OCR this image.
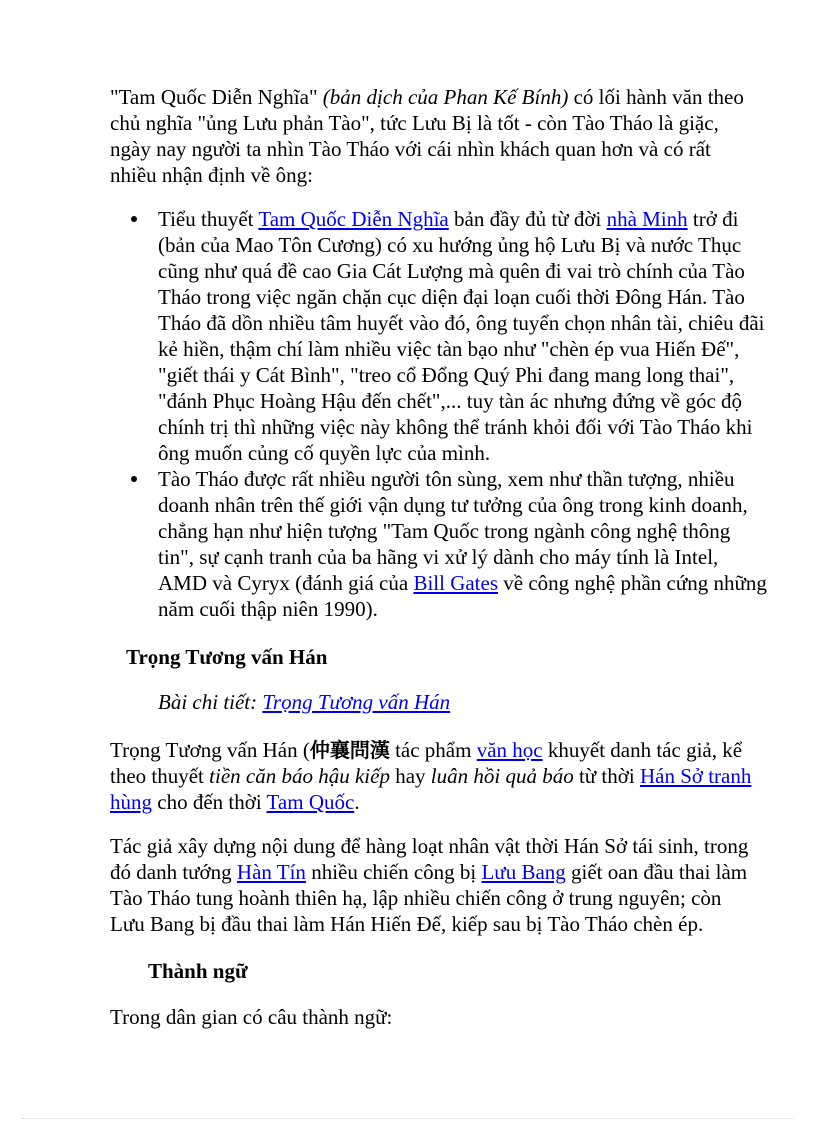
"Tam Quốc Diễn Nghĩa" (bản dịch của Phan Kế Bính) có lối hành văn theo chủ nghĩa "ủng Lưu phản Tào", tức Lưu Bị là tốt - còn Tào Tháo là giặc, ngày nay người ta nhìn Tào Tháo với cái nhìn khách quan hơn và có rất nhiều nhận định về ông:

Tiểu thuyết Tam Quốc Diễn Nghĩa bản đầy đủ từ đời nhà Minh trở đi (bản của Mao Tôn Cương) có xu hướng ủng hộ Lưu Bị và nước Thục cũng như quá đề cao Gia Cát Lượng mà quên đi vai trò chính của Tào Tháo trong việc ngăn chặn cục diện đại loạn cuối thời Đông Hán. Tào Tháo đã dồn nhiều tâm huyết vào đó, ông tuyển chọn nhân tài, chiêu đãi kẻ hiền, thậm chí làm nhiều việc tàn bạo như "chèn ép vua Hiến Đế", "giết thái y Cát Bình", "treo cổ Đổng Quý Phi đang mang long thai", "đánh Phục Hoàng Hậu đến chết",... tuy tàn ác nhưng đứng về góc độ chính trị thì những việc này không thể tránh khỏi đối với Tào Tháo khi ông muốn củng cố quyền lực của mình.
Tào Tháo được rất nhiều người tôn sùng, xem như thần tượng, nhiều doanh nhân trên thế giới vận dụng tư tưởng của ông trong kinh doanh, chẳng hạn như hiện tượng "Tam Quốc trong ngành công nghệ thông tin", sự cạnh tranh của ba hãng vi xử lý dành cho máy tính là Intel, AMD và Cyryx (đánh giá của Bill Gates về công nghệ phần cứng những năm cuối thập niên 1990).
Trọng Tương vấn Hán
Bài chi tiết: Trọng Tương vấn Hán

Trọng Tương vấn Hán (仲襄問漢 tác phẩm văn học khuyết danh tác giả, kể theo thuyết tiền căn báo hậu kiếp hay luân hồi quả báo từ thời Hán Sở tranh hùng cho đến thời Tam Quốc.

Tác giả xây dựng nội dung để hàng loạt nhân vật thời Hán Sở tái sinh, trong đó danh tướng Hàn Tín nhiều chiến công bị Lưu Bang giết oan đầu thai làm Tào Tháo tung hoành thiên hạ, lập nhiều chiến công ở trung nguyên; còn Lưu Bang bị đầu thai làm Hán Hiến Đế, kiếp sau bị Tào Tháo chèn ép.

Thành ngữ

Trong dân gian có câu thành ngữ:
